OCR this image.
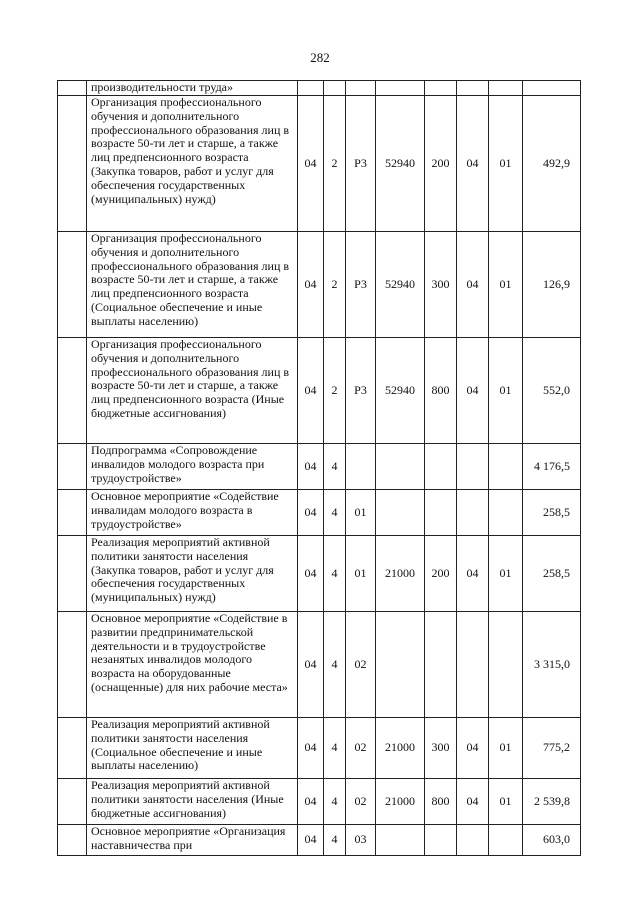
282
	производительности труда»								
	Организация профессионального обучения и дополнительного профессионального образования лиц в возрасте 50-ти лет и старше, а также лиц предпенсионного возраста (Закупка товаров, работ и услуг для обеспечения государственных (муниципальных) нужд)	04	2	Р3	52940	200	04	01	492,9
	Организация профессионального обучения и дополнительного профессионального образования лиц в возрасте 50-ти лет и старше, а также лиц предпенсионного возраста (Социальное обеспечение и иные выплаты населению)	04	2	Р3	52940	300	04	01	126,9
	Организация профессионального обучения и дополнительного профессионального образования лиц в возрасте 50-ти лет и старше, а также лиц предпенсионного возраста (Иные бюджетные ассигнования)	04	2	Р3	52940	800	04	01	552,0
	Подпрограмма «Сопровождение инвалидов молодого возраста при трудоустройстве»	04	4						4 176,5
	Основное мероприятие «Содействие инвалидам молодого возраста в трудоустройстве»	04	4	01					258,5
	Реализация мероприятий активной политики занятости населения (Закупка товаров, работ и услуг для обеспечения государственных (муниципальных) нужд)	04	4	01	21000	200	04	01	258,5
	Основное мероприятие «Содействие в развитии предпринимательской деятельности и в трудоустройстве незанятых инвалидов молодого возраста на оборудованные (оснащенные) для них рабочие места»	04	4	02					3 315,0
	Реализация мероприятий активной политики занятости населения (Социальное обеспечение и иные выплаты населению)	04	4	02	21000	300	04	01	775,2
	Реализация мероприятий активной политики занятости населения (Иные бюджетные ассигнования)	04	4	02	21000	800	04	01	2 539,8
	Основное мероприятие «Организация наставничества при	04	4	03					603,0
